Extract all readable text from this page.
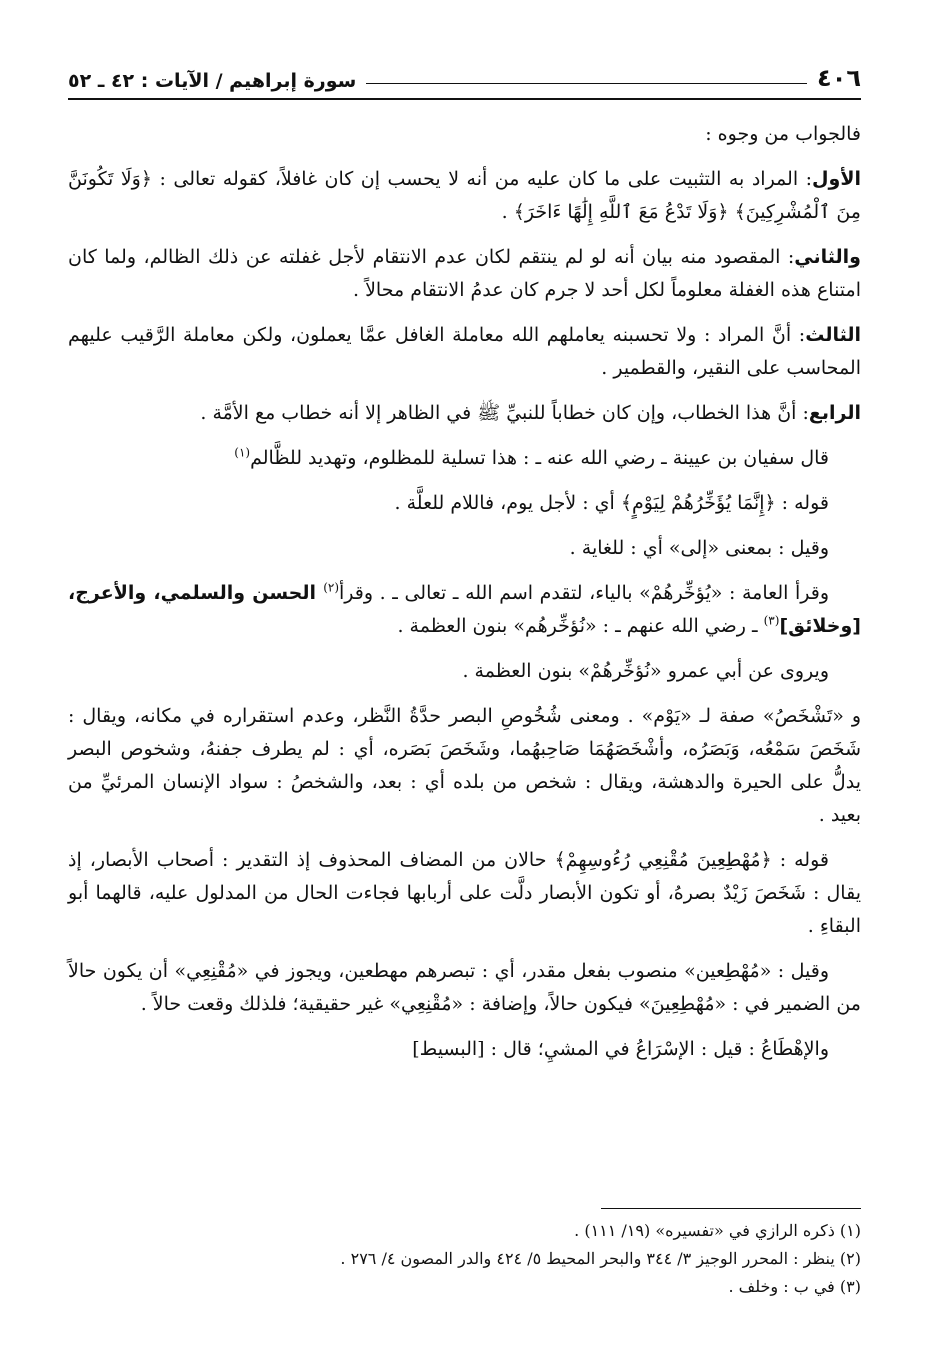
٤٠٦
سورة إبراهيم / الآيات : ٤٢ ـ ٥٢

فالجواب من وجوه :

الأول: المراد به التثبيت على ما كان عليه من أنه لا يحسب إن كان غافلاً، كقوله تعالى : ﴿وَلَا تَكُونَنَّ مِنَ ٱلْمُشْرِكِينَ﴾ ﴿وَلَا تَدْعُ مَعَ ٱللَّهِ إِلَٰهًا ءَاخَرَ﴾ .

والثاني: المقصود منه بيان أنه لو لم ينتقم لكان عدم الانتقام لأجل غفلته عن ذلك الظالم، ولما كان امتناع هذه الغفلة معلوماً لكل أحد لا جرم كان عدمُ الانتقام محالاً .

الثالث: أنَّ المراد : ولا تحسبنه يعاملهم الله معاملة الغافل عمَّا يعملون، ولكن معاملة الرَّقيب عليهم المحاسب على النقير، والقطمير .

الرابع: أنَّ هذا الخطاب، وإن كان خطاباً للنبيِّ ﷺ في الظاهر إلا أنه خطاب مع الأمَّة .

قال سفيان بن عيينة ـ رضي الله عنه ـ : هذا تسلية للمظلوم، وتهديد للظَّالم$^{(١)}$

قوله : ﴿إِنَّمَا يُؤَخِّرُهُمْ لِيَوْمٍ﴾ أي : لأجل يوم، فاللام للعلَّة .

وقيل : بمعنى «إلى» أي : للغاية .

وقرأ العامة : «يُؤخِّرهُمْ» بالياء، لتقدم اسم الله ـ تعالى ـ . وقرأ$^{(٢)}$ الحسن والسلمي، والأعرج، [وخلائق]$^{(٣)}$ ـ رضي الله عنهم ـ : «نُؤخِّرهُم» بنون العظمة .

ويروى عن أبي عمرو «نُؤخِّرهُمْ» بنون العظمة .

و «تَشْخَصُ» صفة لـ «يَوْم» . ومعنى شُخُوصِ البصر حدَّةُ النَّظر، وعدم استقراره في مكانه، ويقال : شَخَصَ سَمْعُه، وَبَصَرُه، وأشْخَصَهُمَا صَاحِبهُما، وشَخَصَ بَصَره، أي : لم يطرف جفنهُ، وشخوص البصر يدلُّ على الحيرة والدهشة، ويقال : شخص من بلده أي : بعد، والشخصُ : سواد الإنسان المرئيِّ من بعيد .

قوله : ﴿مُهْطِعِينَ مُقْنِعِي رُءُوسِهِمْ﴾ حالان من المضاف المحذوف إذ التقدير : أصحاب الأبصار، إذ يقال : شَخَصَ زَيْدٌ بصرهُ، أو تكون الأبصار دلَّت على أربابها فجاءت الحال من المدلول عليه، قالهما أبو البقاءِ .

وقيل : «مُهْطِعين» منصوب بفعل مقدر، أي : تبصرهم مهطعين، ويجوز في «مُقْنِعِي» أن يكون حالاً من الضمير في : «مُهْطِعِينَ» فيكون حالاً، وإضافة : «مُقْنِعِي» غير حقيقية؛ فلذلك وقعت حالاً .

والإهْطَاعُ : قيل : الإسْرَاعُ في المشيِ؛ قال : [البسيط]

(١) ذكره الرازي في «تفسيره» (١٩/ ١١١) .

(٢) ينظر : المحرر الوجيز ٣/ ٣٤٤ والبحر المحيط ٥/ ٤٢٤ والدر المصون ٤/ ٢٧٦ .

(٣) في ب : وخلف .
